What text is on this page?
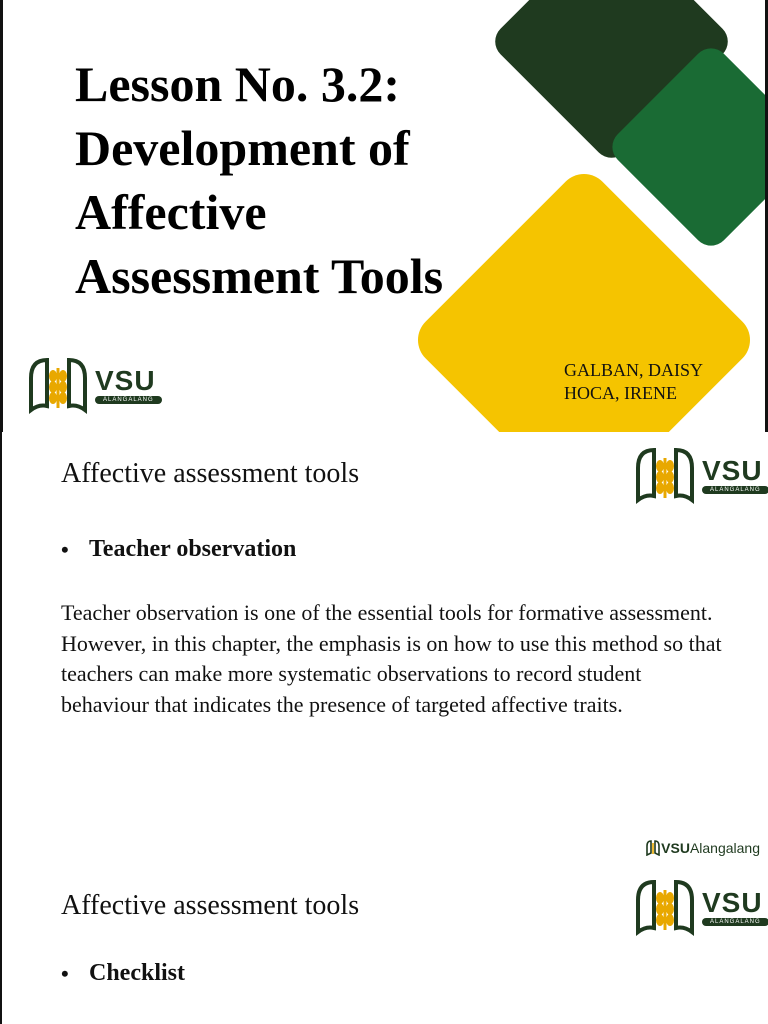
Lesson No. 3.2:
Development of
Affective
Assessment Tools
VSU
ALANGALANG
GALBAN, DAISY
HOCA, IRENE
Affective assessment tools	VSU
ALANGALANG
• Teacher observation

Teacher observation is one of the essential tools for formative assessment. However, in this chapter, the emphasis is on how to use this method so that teachers can make more systematic observations to record student behaviour that indicates the presence of targeted affective traits.

VSU Alangalang
Affective assessment tools	VSU
ALANGALANG
• Checklist
